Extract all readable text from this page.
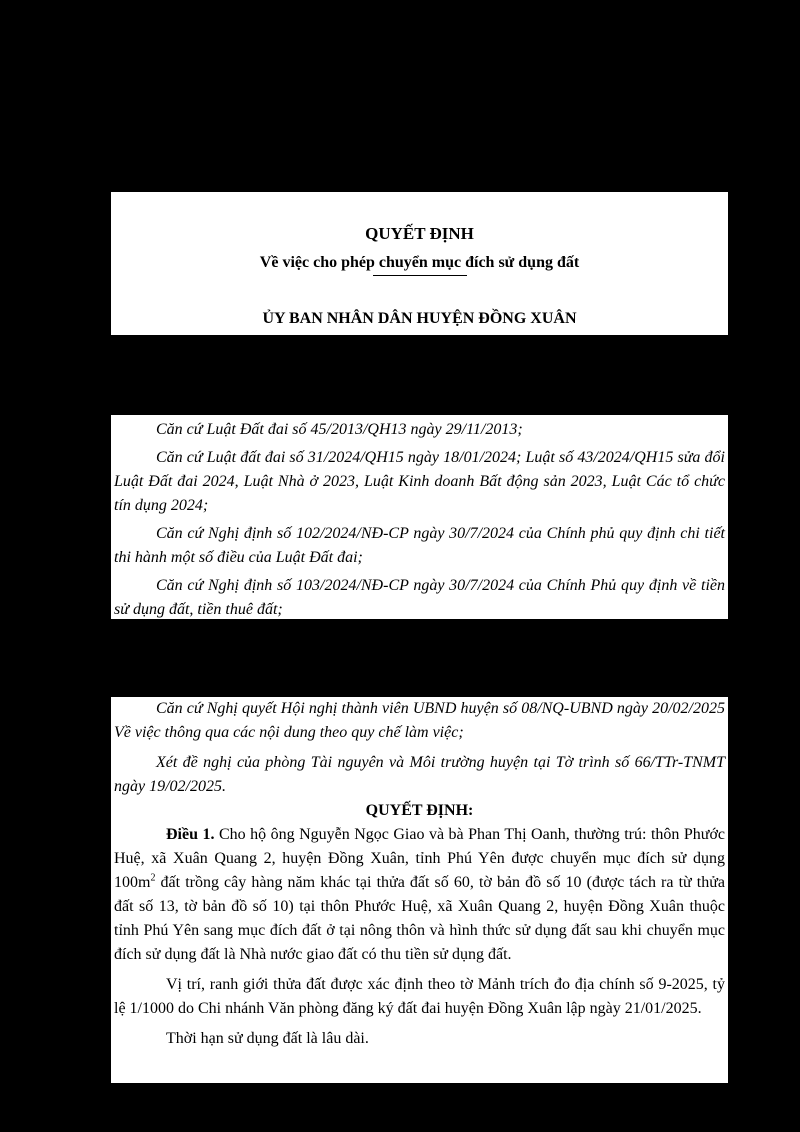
QUYẾT ĐỊNH
Về việc cho phép chuyển mục đích sử dụng đất
ỦY BAN NHÂN DÂN HUYỆN ĐỒNG XUÂN

Căn cứ Luật Đất đai số 45/2013/QH13 ngày 29/11/2013;

Căn cứ Luật đất đai số 31/2024/QH15 ngày 18/01/2024; Luật số 43/2024/QH15 sửa đổi Luật Đất đai 2024, Luật Nhà ở 2023, Luật Kinh doanh Bất động sản 2023, Luật Các tổ chức tín dụng 2024;

Căn cứ Nghị định số 102/2024/NĐ-CP ngày 30/7/2024 của Chính phủ quy định chi tiết thi hành một số điều của Luật Đất đai;

Căn cứ Nghị định số 103/2024/NĐ-CP ngày 30/7/2024 của Chính Phủ quy định về tiền sử dụng đất, tiền thuê đất;

Căn cứ Nghị quyết Hội nghị thành viên UBND huyện số 08/NQ-UBND ngày 20/02/2025 Về việc thông qua các nội dung theo quy chế làm việc;

Xét đề nghị của phòng Tài nguyên và Môi trường huyện tại Tờ trình số 66/TTr-TNMT ngày 19/02/2025.

QUYẾT ĐỊNH:

Điều 1. Cho hộ ông Nguyễn Ngọc Giao và bà Phan Thị Oanh, thường trú: thôn Phước Huệ, xã Xuân Quang 2, huyện Đồng Xuân, tỉnh Phú Yên được chuyển mục đích sử dụng $100m^2$ đất trồng cây hàng năm khác tại thửa đất số 60, tờ bản đồ số 10 (được tách ra từ thửa đất số 13, tờ bản đồ số 10) tại thôn Phước Huệ, xã Xuân Quang 2, huyện Đồng Xuân thuộc tỉnh Phú Yên sang mục đích đất ở tại nông thôn và hình thức sử dụng đất sau khi chuyển mục đích sử dụng đất là Nhà nước giao đất có thu tiền sử dụng đất.

Vị trí, ranh giới thửa đất được xác định theo tờ Mảnh trích đo địa chính số 9-2025, tỷ lệ 1/1000 do Chi nhánh Văn phòng đăng ký đất đai huyện Đồng Xuân lập ngày 21/01/2025.

Thời hạn sử dụng đất là lâu dài.
